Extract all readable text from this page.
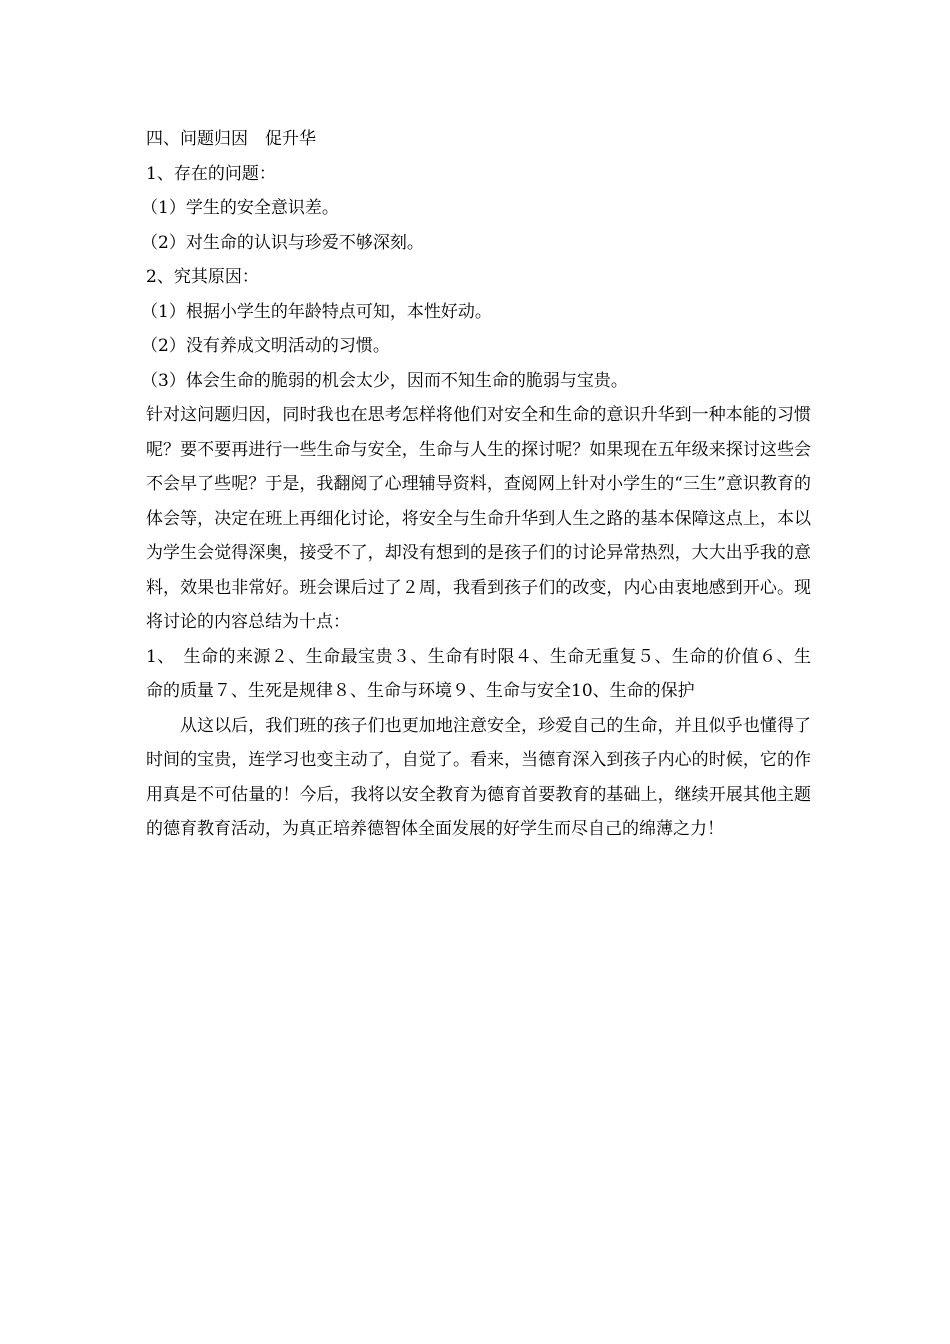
四、问题归因　促升华
1、存在的问题：
（1）学生的安全意识差。
（2）对生命的认识与珍爱不够深刻。
2、究其原因：
（1）根据小学生的年龄特点可知，本性好动。
（2）没有养成文明活动的习惯。
（3）体会生命的脆弱的机会太少，因而不知生命的脆弱与宝贵。

针对这问题归因，同时我也在思考怎样将他们对安全和生命的意识升华到一种本能的习惯呢？要不要再进行一些生命与安全，生命与人生的探讨呢？如果现在五年级来探讨这些会不会早了些呢？于是，我翻阅了心理辅导资料，查阅网上针对小学生的“三生”意识教育的体会等，决定在班上再细化讨论，将安全与生命升华到人生之路的基本保障这点上，本以为学生会觉得深奥，接受不了，却没有想到的是孩子们的讨论异常热烈，大大出乎我的意料，效果也非常好。班会课后过了２周，我看到孩子们的改变，内心由衷地感到开心。现将讨论的内容总结为十点：

1、　生命的来源２、生命最宝贵３、生命有时限４、生命无重复５、生命的价值６、生命的质量７、生死是规律８、生命与环境９、生命与安全10、生命的保护

从这以后，我们班的孩子们也更加地注意安全，珍爱自己的生命，并且似乎也懂得了时间的宝贵，连学习也变主动了，自觉了。看来，当德育深入到孩子内心的时候，它的作用真是不可估量的！今后，我将以安全教育为德育首要教育的基础上，继续开展其他主题的德育教育活动，为真正培养德智体全面发展的好学生而尽自己的绵薄之力！
